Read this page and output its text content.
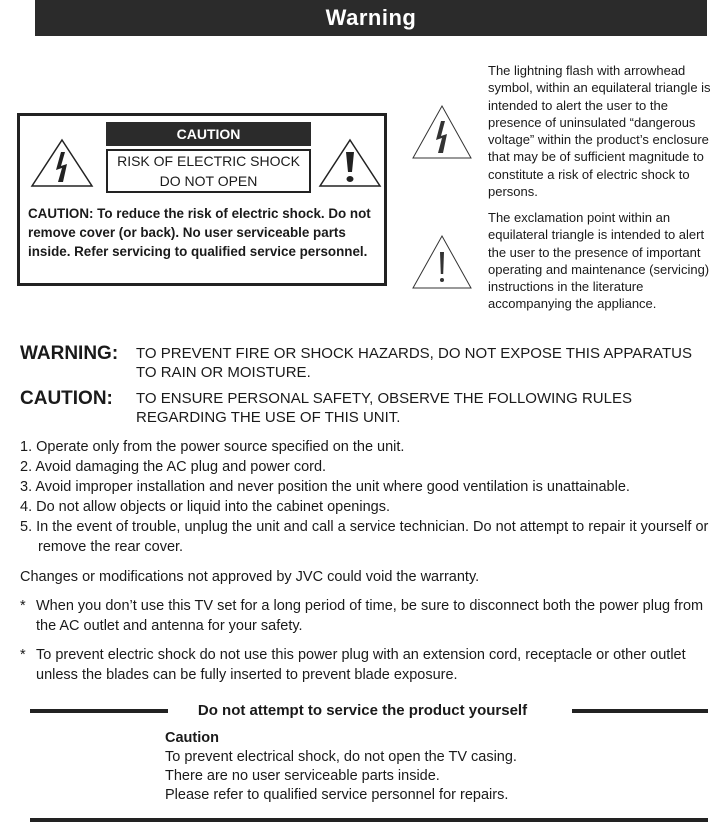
Warning
CAUTION
RISK OF ELECTRIC SHOCK
DO NOT OPEN
CAUTION: To reduce the risk of electric shock. Do not remove cover (or back). No user serviceable parts inside. Refer servicing to qualified service personnel.
The lightning flash with arrowhead symbol, within an equilateral triangle is intended to alert the user to the presence of uninsulated “dangerous voltage” within the product’s enclosure that may be of sufficient magnitude to constitute a risk of electric shock to persons.
The exclamation point within an equilateral triangle is intended to alert the user to the presence of important operating and maintenance (servicing) instructions in the literature accompanying the appliance.
WARNING: TO PREVENT FIRE OR SHOCK HAZARDS, DO NOT EXPOSE THIS APPARATUS TO RAIN OR MOISTURE.
CAUTION: TO ENSURE PERSONAL SAFETY, OBSERVE THE FOLLOWING RULES REGARDING THE USE OF THIS UNIT.
1. Operate only from the power source specified on the unit.
2. Avoid damaging the AC plug and power cord.
3. Avoid improper installation and never position the unit where good ventilation is unattainable.
4. Do not allow objects or liquid into the cabinet openings.
5. In the event of trouble, unplug the unit and call a service technician. Do not attempt to repair it yourself or remove the rear cover.
Changes or modifications not approved by JVC could void the warranty.
* When you don’t use this TV set for a long period of time, be sure to disconnect both the power plug from the AC outlet and antenna for your safety.
* To prevent electric shock do not use this power plug with an extension cord, receptacle or other outlet unless the blades can be fully inserted to prevent blade exposure.
Do not attempt to service the product yourself
Caution
To prevent electrical shock, do not open the TV casing.
There are no user serviceable parts inside.
Please refer to qualified service personnel for repairs.
